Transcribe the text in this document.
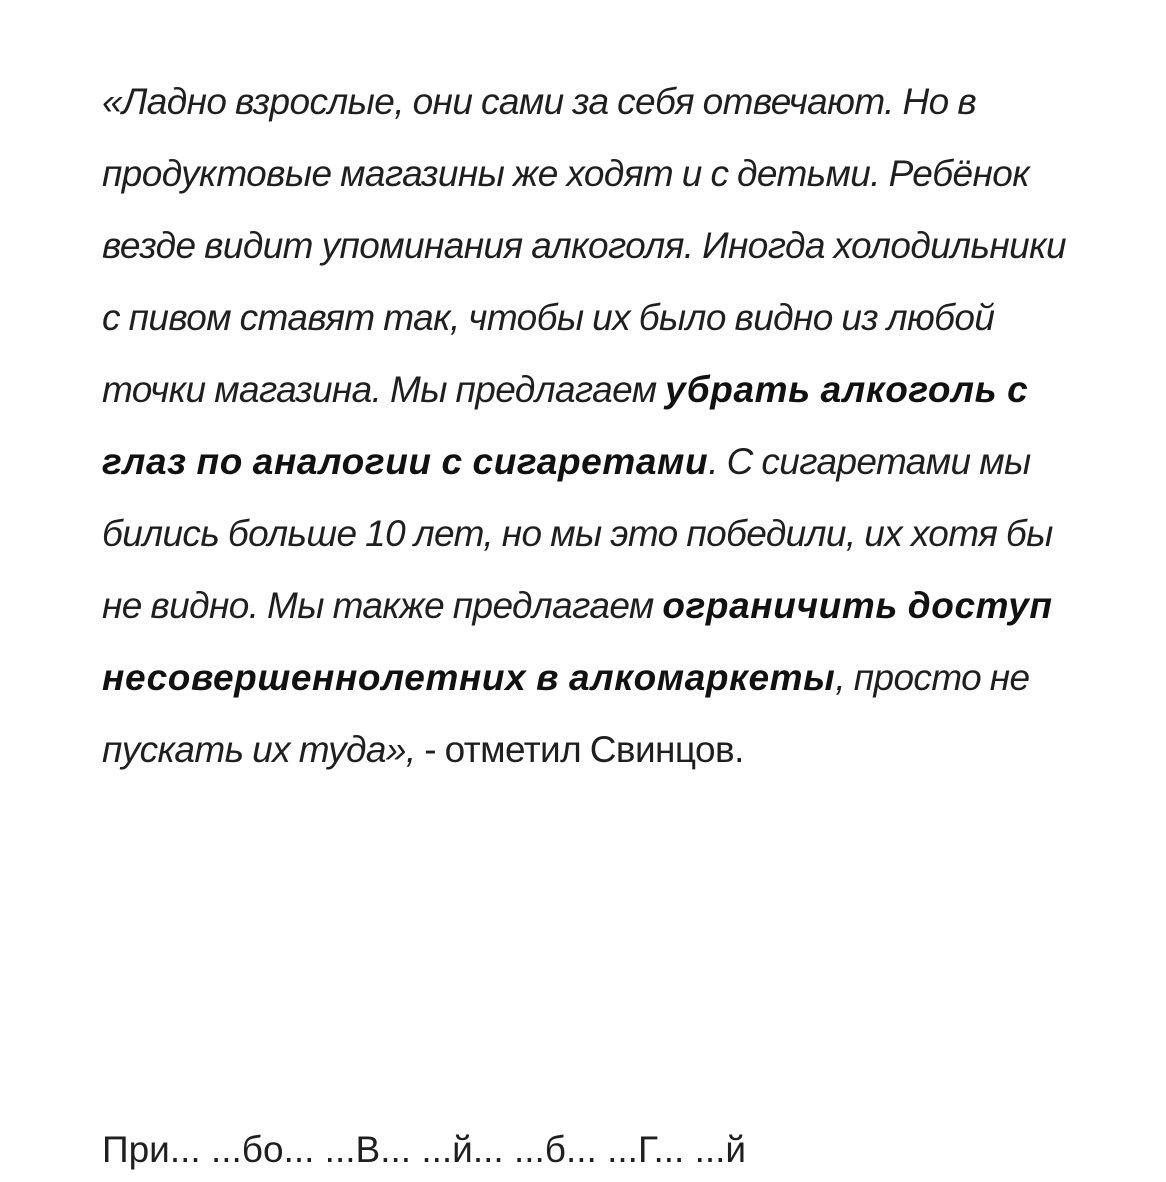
«Ладно взрослые, они сами за себя отвечают. Но в продуктовые магазины же ходят и с детьми. Ребёнок везде видит упоминания алкоголя. Иногда холодильники с пивом ставят так, чтобы их было видно из любой точки магазина. Мы предлагаем убрать алкоголь с глаз по аналогии с сигаретами. С сигаретами мы бились больше 10 лет, но мы это победили, их хотя бы не видно. Мы также предлагаем ограничить доступ несовершеннолетних в алкомаркеты, просто не пускать их туда», - отметил Свинцов.

При... ...бо... ...В... ...й... ...б... ...Г... ...й
